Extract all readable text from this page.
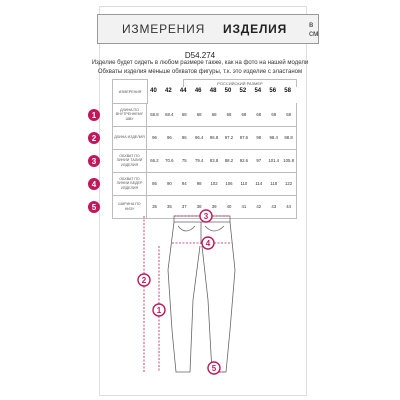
ИЗМЕРЕНИЯ ИЗДЕЛИЯ	в см
D54.274
Изделие будет сидеть в любом размере также, как на фото на нашей модели
Обхваты изделия меньше обхватов фигуры, т.к. это изделие с эластаном
ИЗМЕРЕНИЯ
РОССИЙСКИЙ РАЗМЕР
40	42	44	46	48	50	52	54	56	58
ДЛИНА ПО ВНУТРЕННЕМУ ШВУ
68.8	68.4	68	68	68	68	68	68	68	68
1
ДЛИНА ИЗДЕЛИЯ	96	96	96	96.4	96.8	97.2	97.6	98	98.4	98.8
2
ОБХВАТ ПО ЛИНИИ ТАЛИИ ИЗДЕЛИЯ
66.2	70.6	75	79.4	83.8	88.2	92.6	97	101.4 105.8
3
ОБХВАТ ПО ЛИНИИ БЕДЕР ИЗДЕЛИЯ
86	90	94	98	102	106	110	114	118	122
4
ШИРИНА ПО НИЗУ	35	35	37	38	39	40	41	42	43	44
5
2
1
3
4
5
